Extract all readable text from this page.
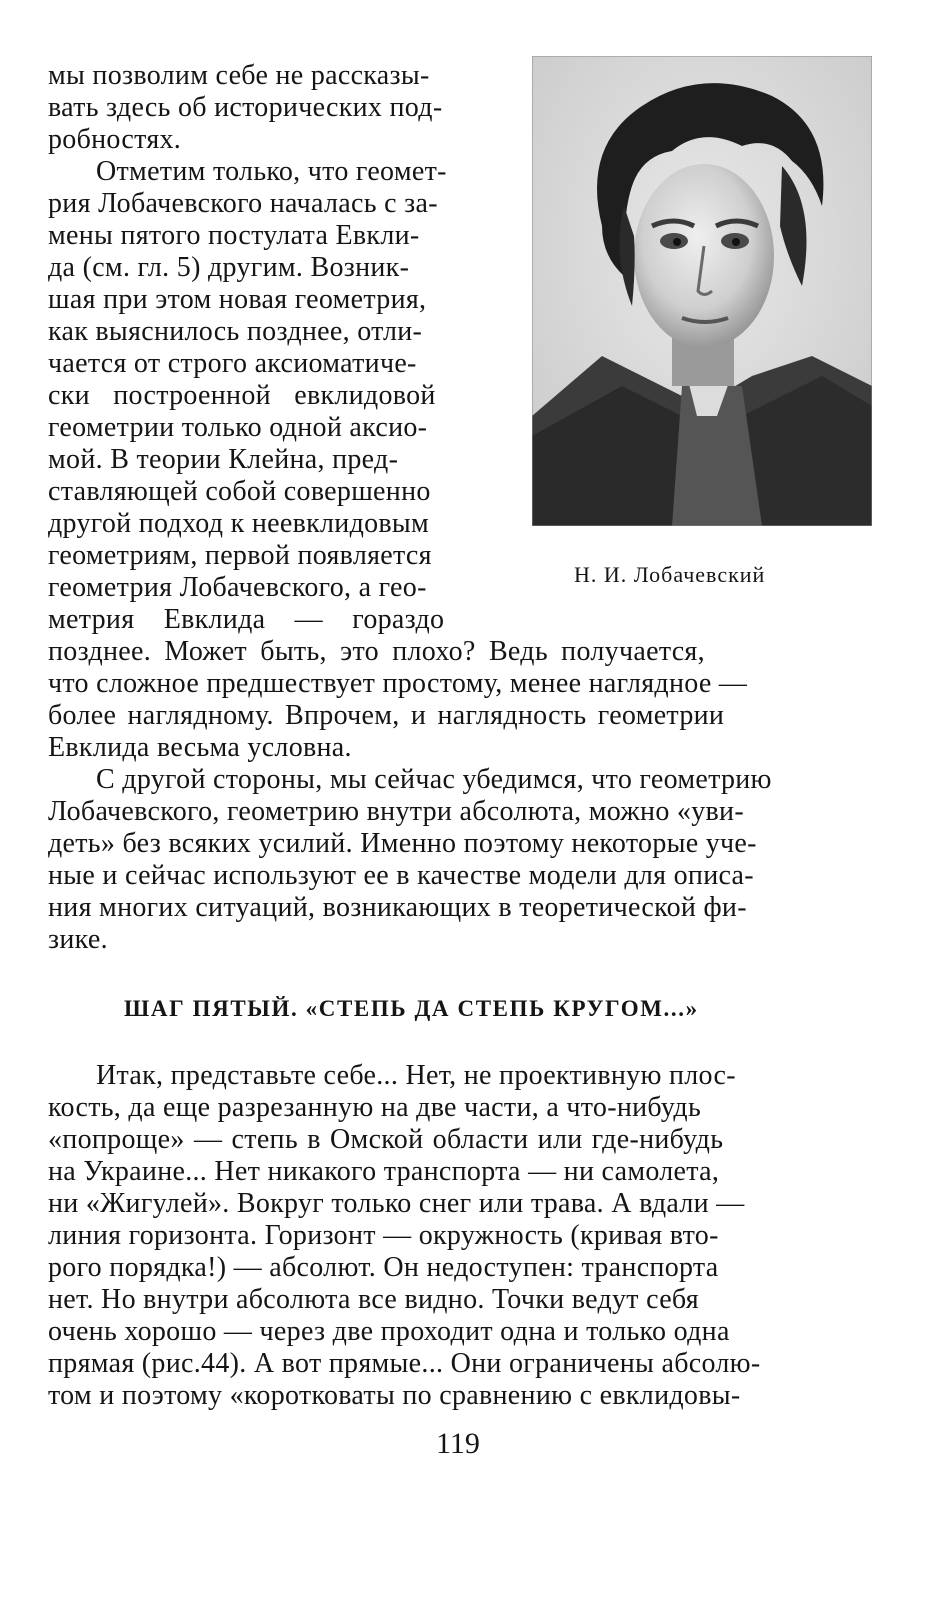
Н. И. Лобачевский
мы позволим себе не рассказы-
вать здесь об исторических под-
робностях.
Отметим только, что геомет-
рия Лобачевского началась с за-
мены пятого постулата Евкли-
да (см. гл. 5) другим. Возник-
шая при этом новая геометрия,
как выяснилось позднее, отли-
чается от строго аксиоматиче-
ски построенной евклидовой
геометрии только одной аксио-
мой. В теории Клейна, пред-
ставляющей собой совершенно
другой подход к неевклидовым
геометриям, первой появляется
геометрия Лобачевского, а гео-
метрия Евклида — гораздо
позднее. Может быть, это плохо? Ведь получается,
что сложное предшествует простому, менее наглядное —
более наглядному. Впрочем, и наглядность геометрии
Евклида весьма условна.
С другой стороны, мы сейчас убедимся, что геометрию
Лобачевского, геометрию внутри абсолюта, можно «уви-
деть» без всяких усилий. Именно поэтому некоторые уче-
ные и сейчас используют ее в качестве модели для описа-
ния многих ситуаций, возникающих в теоретической фи-
зике.
ШАГ ПЯТЫЙ. «СТЕПЬ ДА СТЕПЬ КРУГОМ...»
Итак, представьте себе... Нет, не проективную плос-
кость, да еще разрезанную на две части, а что-нибудь
«попроще» — степь в Омской области или где-нибудь
на Украине... Нет никакого транспорта — ни самолета,
ни «Жигулей». Вокруг только снег или трава. А вдали —
линия горизонта. Горизонт — окружность (кривая вто-
рого порядка!) — абсолют. Он недоступен: транспорта
нет. Но внутри абсолюта все видно. Точки ведут себя
очень хорошо — через две проходит одна и только одна
прямая (рис.44). А вот прямые... Они ограничены абсолю-
том и поэтому «коротковаты по сравнению с евклидовы-
119
